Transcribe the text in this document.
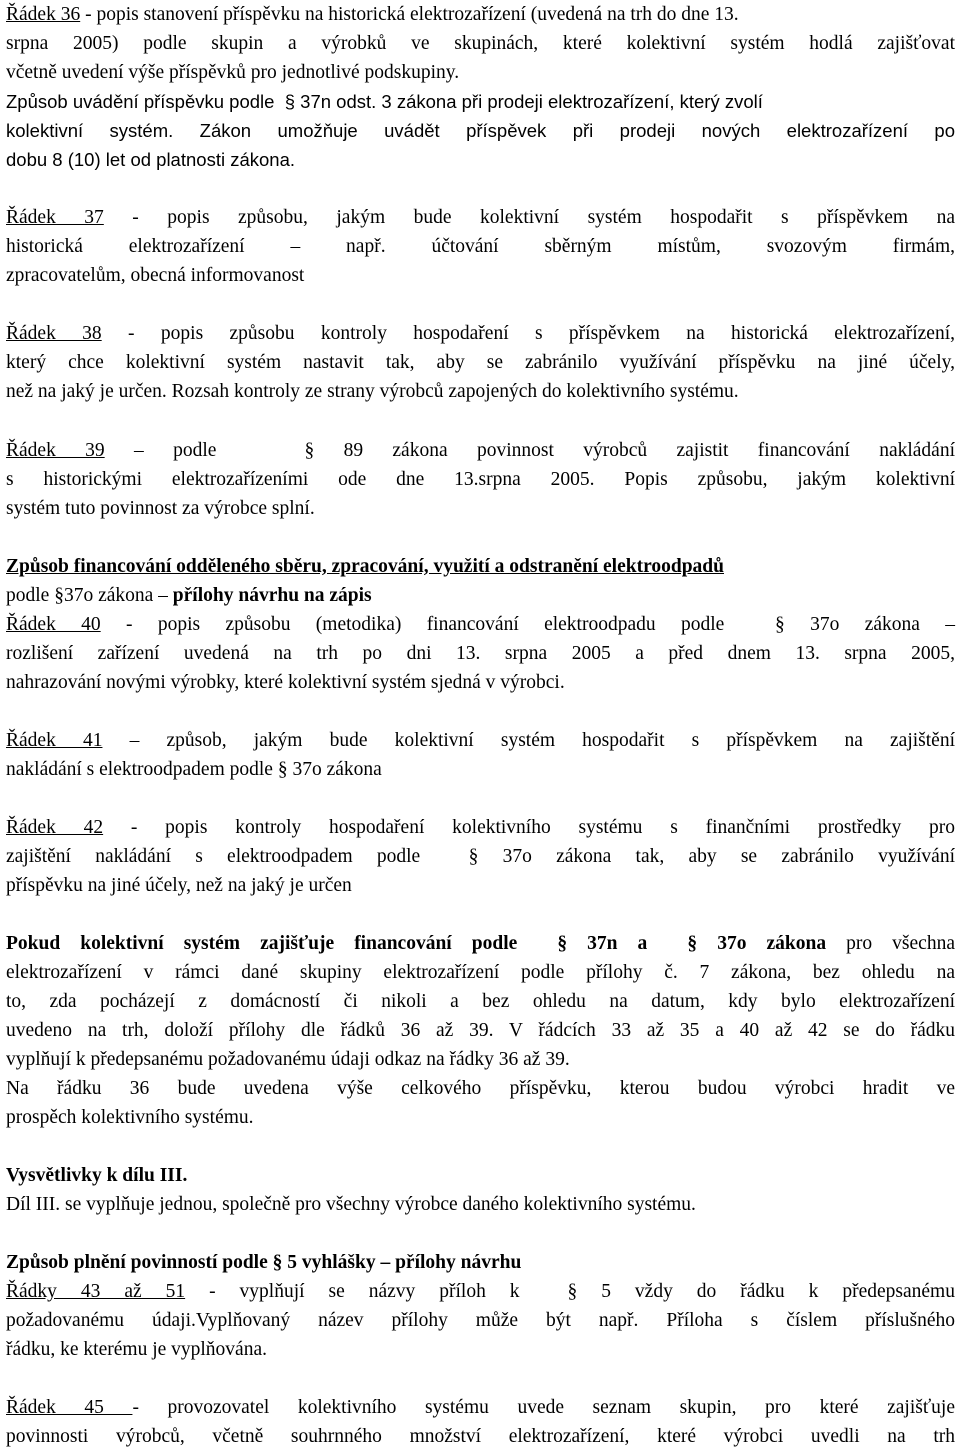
Řádek 36 - popis stanovení příspěvku na historická elektrozařízení (uvedená na trh do dne 13.
srpna 2005) podle skupin a výrobků ve skupinách, které kolektivní systém hodlá zajišťovat
včetně uvedení výše příspěvků pro jednotlivé podskupiny.
Způsob uvádění příspěvku podle § 37n odst. 3 zákona při prodeji elektrozařízení, který zvolí
kolektivní systém. Zákon umožňuje uvádět příspěvek při prodeji nových elektrozařízení po
dobu 8 (10) let od platnosti zákona.
Řádek 37 - popis způsobu, jakým bude kolektivní systém hospodařit s příspěvkem na
historická elektrozařízení – např. účtování sběrným místům, svozovým firmám,
zpracovatelům, obecná informovanost
Řádek 38 - popis způsobu kontroly hospodaření s příspěvkem na historická elektrozařízení,
který chce kolektivní systém nastavit tak, aby se zabránilo využívání příspěvku na jiné účely,
než na jaký je určen. Rozsah kontroly ze strany výrobců zapojených do kolektivního systému.
Řádek 39 – podle	§ 89 zákona povinnost výrobců zajistit financování nakládání
s historickými elektrozařízeními ode dne 13.srpna 2005. Popis způsobu, jakým kolektivní
systém tuto povinnost za výrobce splní.
Způsob financování odděleného sběru, zpracování, využití a odstranění elektroodpadů
podle §37o zákona – přílohy návrhu na zápis
Řádek 40 - popis způsobu (metodika) financování elektroodpadu podle	§ 37o zákona –
rozlišení zařízení uvedená na trh po dni 13. srpna 2005 a před dnem 13. srpna 2005,
nahrazování novými výrobky, které kolektivní systém sjedná v výrobci.
Řádek 41 – způsob, jakým bude kolektivní systém hospodařit s příspěvkem na zajištění
nakládání s elektroodpadem podle § 37o zákona
Řádek 42 - popis kontroly hospodaření kolektivního systému s finančními prostředky pro
zajištění nakládání s elektroodpadem podle § 37o zákona tak, aby se zabránilo využívání
příspěvku na jiné účely, než na jaký je určen
Pokud kolektivní systém zajišťuje financování podle § 37n a § 37o zákona pro všechna
elektrozařízení v rámci dané skupiny elektrozařízení podle přílohy č. 7 zákona, bez ohledu na
to, zda pocházejí z domácností či nikoli a bez ohledu na datum, kdy bylo elektrozařízení
uvedeno na trh, doloží přílohy dle řádků 36 až 39. V řádcích 33 až 35 a 40 až 42 se do řádku
vyplňují k předepsanému požadovanému údaji odkaz na řádky 36 až 39.
Na řádku 36 bude uvedena výše celkového příspěvku, kterou budou výrobci hradit ve
prospěch kolektivního systému.
Vysvětlivky k dílu III.
Díl III. se vyplňuje jednou, společně pro všechny výrobce daného kolektivního systému.
Způsob plnění povinností podle § 5 vyhlášky – přílohy návrhu
Řádky 43 až 51 - vyplňují se názvy příloh k § 5 vždy do řádku k předepsanému
požadovanému údaji.Vyplňovaný název přílohy může být např. Příloha s číslem příslušného
řádku, ke kterému je vyplňována.
Řádek 45 - provozovatel kolektivního systému uvede seznam skupin, pro které zajišťuje
povinnosti výrobců, včetně souhrnného množství elektrozařízení, které výrobci uvedli na trh
